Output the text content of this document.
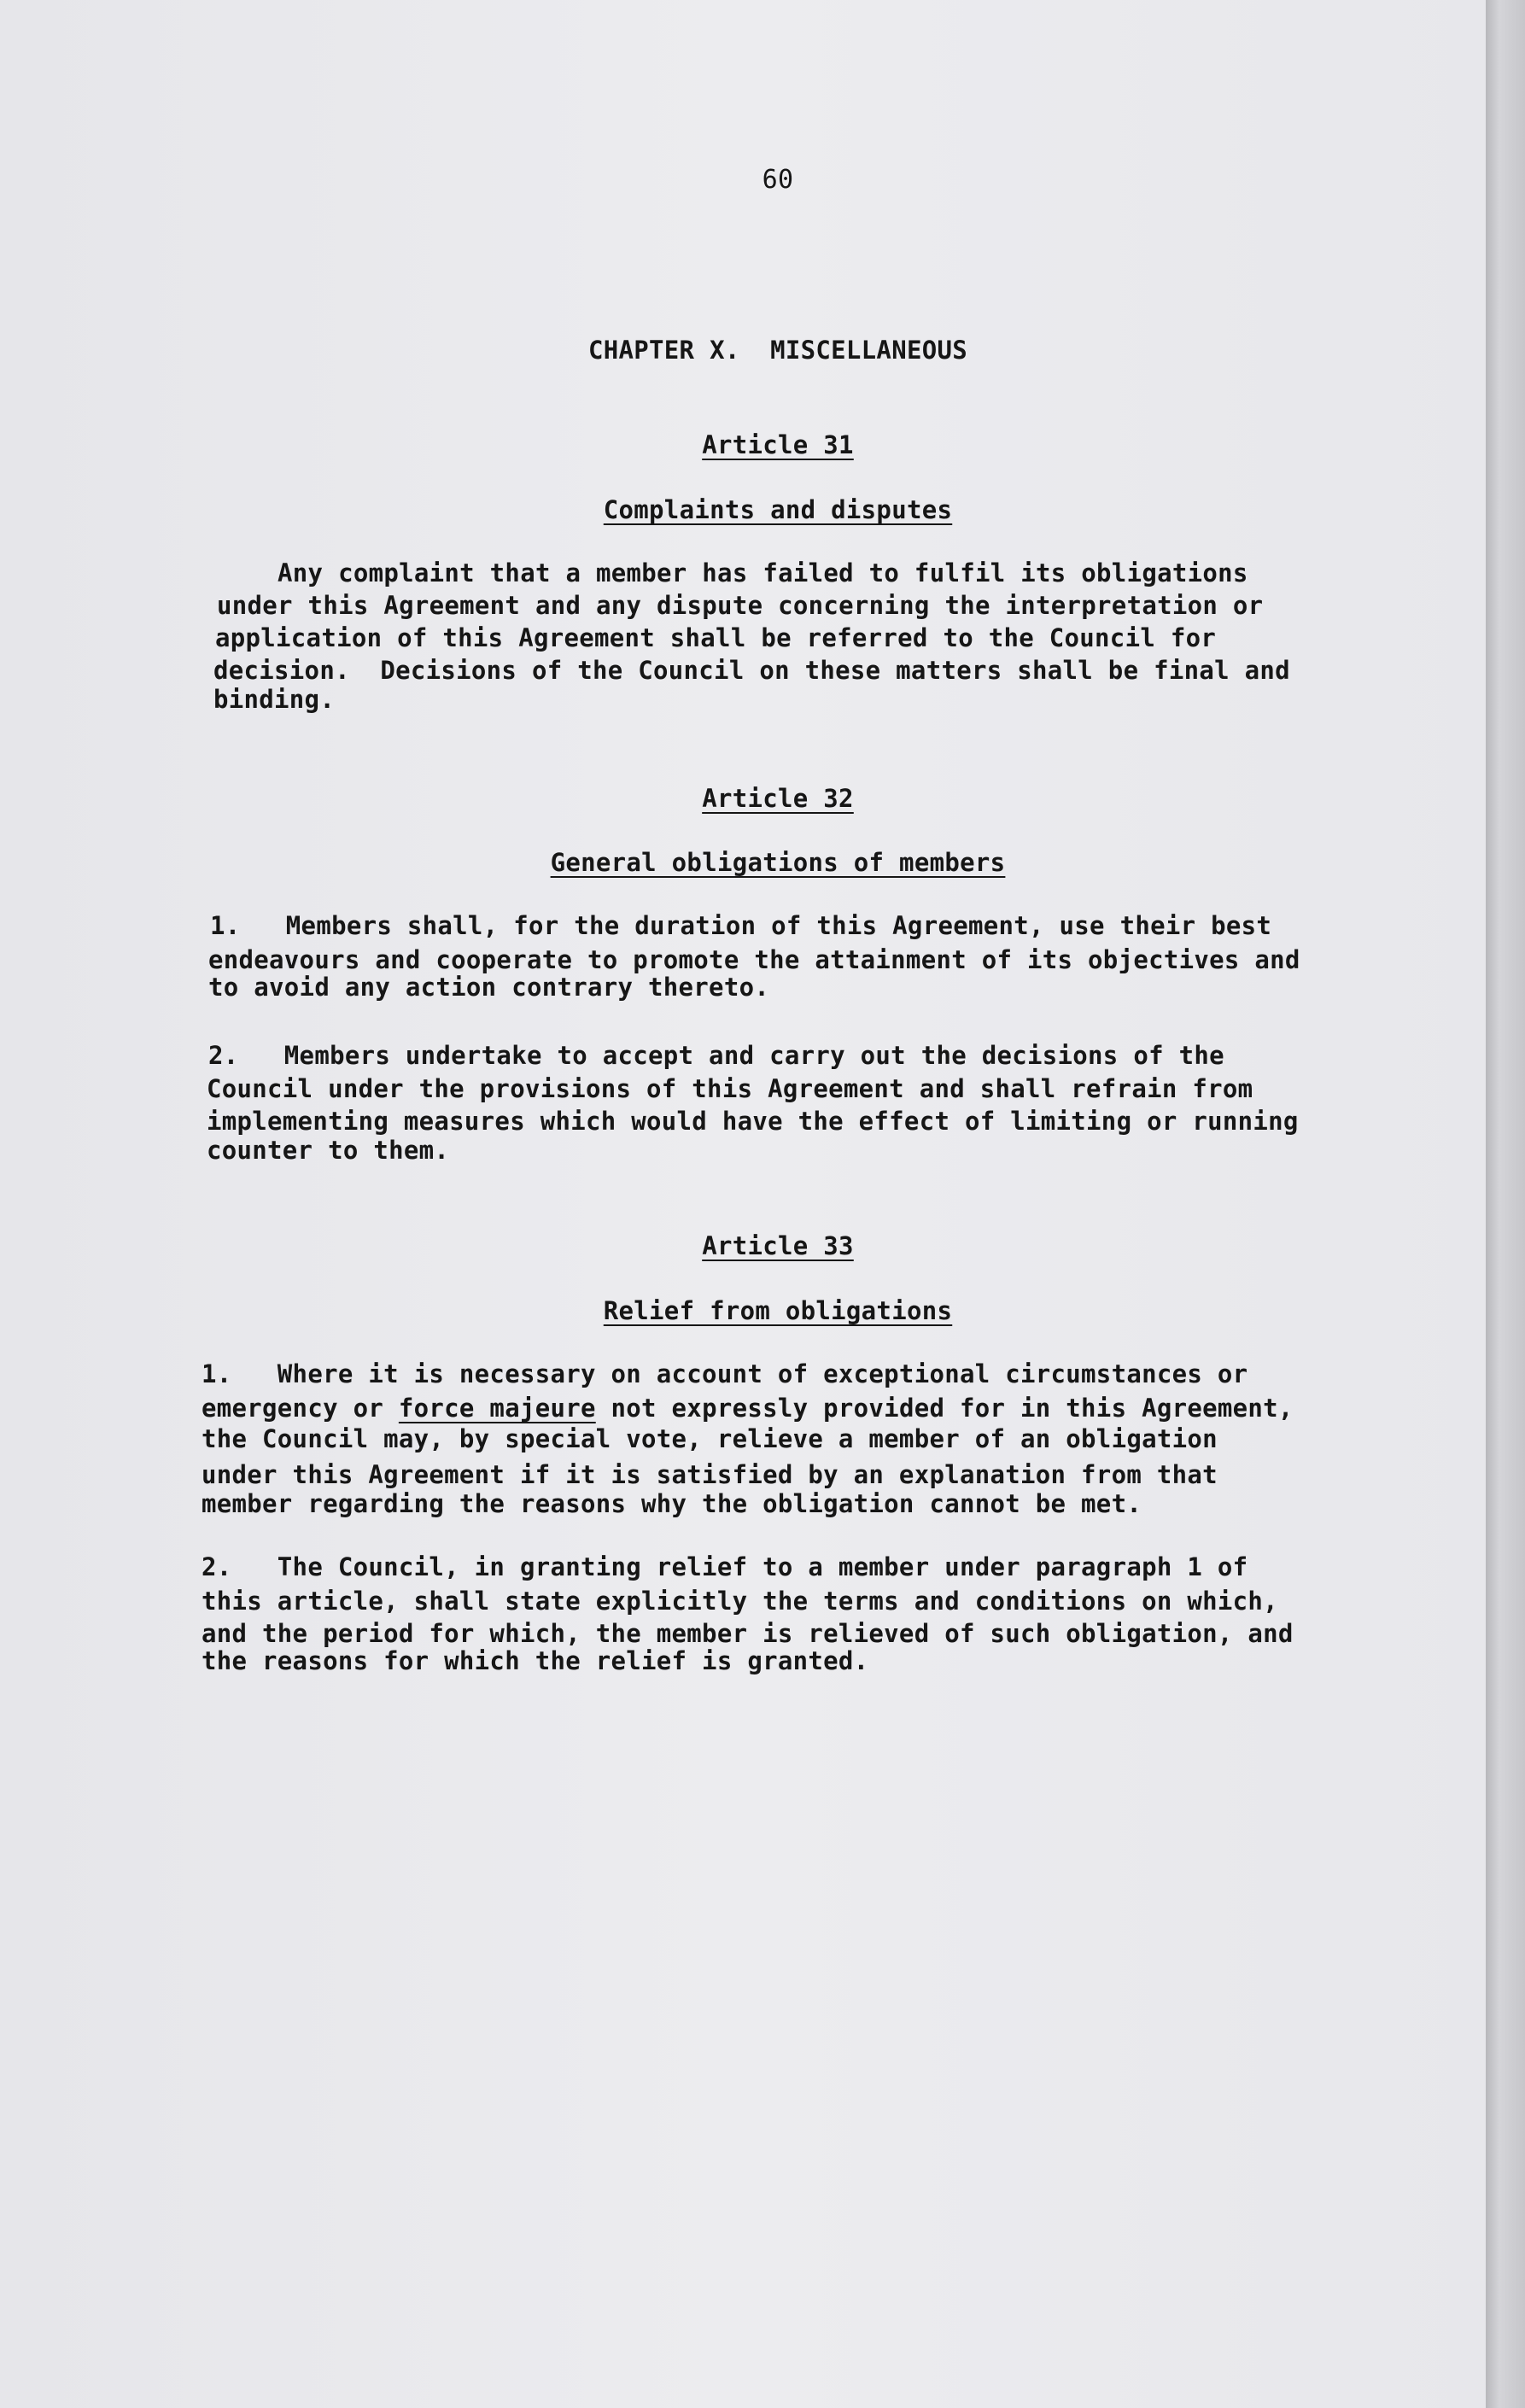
60
CHAPTER X.  MISCELLANEOUS
Article 31
Complaints and disputes
Any complaint that a member has failed to fulfil its obligations
under this Agreement and any dispute concerning the interpretation or
application of this Agreement shall be referred to the Council for
decision.  Decisions of the Council on these matters shall be final and
binding.
Article 32
General obligations of members
1.   Members shall, for the duration of this Agreement, use their best
endeavours and cooperate to promote the attainment of its objectives and
to avoid any action contrary thereto.
2.   Members undertake to accept and carry out the decisions of the
Council under the provisions of this Agreement and shall refrain from
implementing measures which would have the effect of limiting or running
counter to them.
Article 33
Relief from obligations
1.   Where it is necessary on account of exceptional circumstances or
emergency or force majeure not expressly provided for in this Agreement,
the Council may, by special vote, relieve a member of an obligation
under this Agreement if it is satisfied by an explanation from that
member regarding the reasons why the obligation cannot be met.
2.   The Council, in granting relief to a member under paragraph 1 of
this article, shall state explicitly the terms and conditions on which,
and the period for which, the member is relieved of such obligation, and
the reasons for which the relief is granted.
